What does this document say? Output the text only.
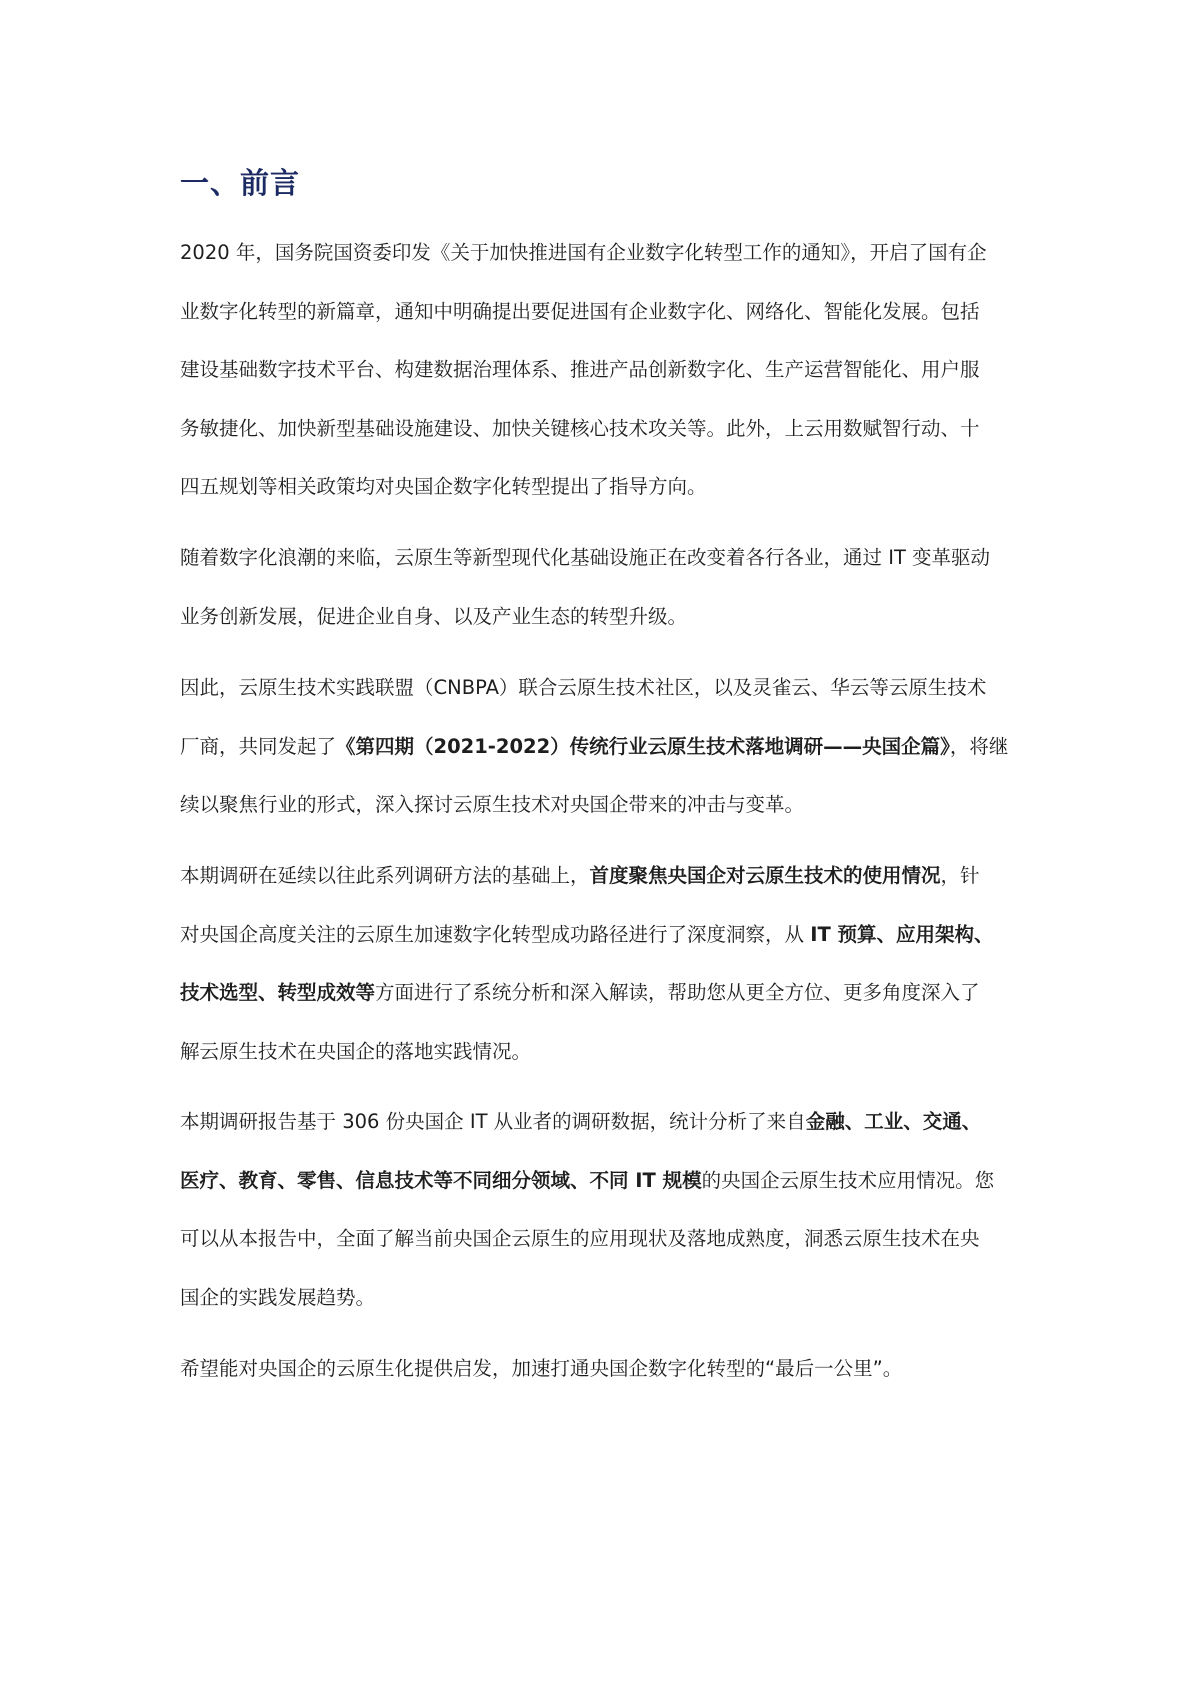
一、前言

2020 年，国务院国资委印发《关于加快推进国有企业数字化转型工作的通知》，开启了国有企

业数字化转型的新篇章，通知中明确提出要促进国有企业数字化、网络化、智能化发展。包括

建设基础数字技术平台、构建数据治理体系、推进产品创新数字化、生产运营智能化、用户服

务敏捷化、加快新型基础设施建设、加快关键核心技术攻关等。此外，上云用数赋智行动、十

四五规划等相关政策均对央国企数字化转型提出了指导方向。

随着数字化浪潮的来临，云原生等新型现代化基础设施正在改变着各行各业，通过 IT 变革驱动

业务创新发展，促进企业自身、以及产业生态的转型升级。

因此，云原生技术实践联盟（CNBPA）联合云原生技术社区，以及灵雀云、华云等云原生技术

厂商，共同发起了《第四期（2021-2022）传统行业云原生技术落地调研——央国企篇》，将继

续以聚焦行业的形式，深入探讨云原生技术对央国企带来的冲击与变革。

本期调研在延续以往此系列调研方法的基础上，首度聚焦央国企对云原生技术的使用情况，针

对央国企高度关注的云原生加速数字化转型成功路径进行了深度洞察，从 IT 预算、应用架构、

技术选型、转型成效等方面进行了系统分析和深入解读，帮助您从更全方位、更多角度深入了

解云原生技术在央国企的落地实践情况。

本期调研报告基于 306 份央国企 IT 从业者的调研数据，统计分析了来自金融、工业、交通、

医疗、教育、零售、信息技术等不同细分领域、不同 IT 规模的央国企云原生技术应用情况。您

可以从本报告中，全面了解当前央国企云原生的应用现状及落地成熟度，洞悉云原生技术在央

国企的实践发展趋势。

希望能对央国企的云原生化提供启发，加速打通央国企数字化转型的“最后一公里”。
